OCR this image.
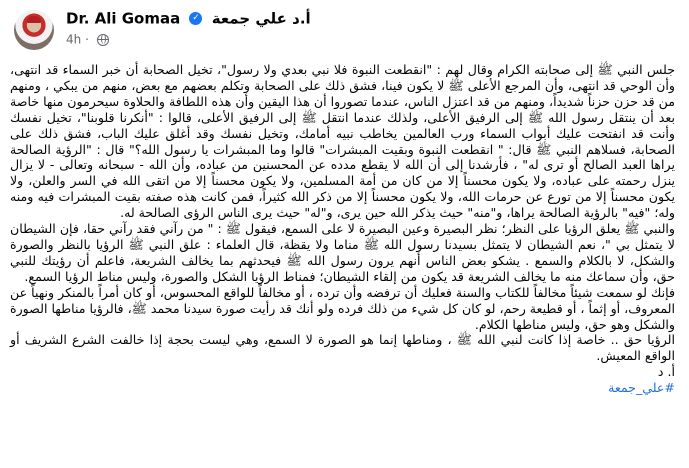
Dr. Ali Gomaa ✓ أ.د علي جمعة
4h ·

جلس النبي ﷺ إلى صحابته الكرام وقال لهم : "انقطعت النبوة فلا نبي بعدي ولا رسول"، تخيل الصحابة أن خبر السماء قد انتهى، وأن الوحي قد انتهى، وأن المرجع الأعلى ﷺ لا يكون فينا، فشق ذلك على الصحابة وتكلم بعضهم مع بعض، منهم من يبكي ، ومنهم من قد حزن حزناً شديداً، ومنهم من قد اعتزل الناس، عندما تصوروا أن هذا اليقين وأن هذه اللطافة والحلاوة سيحرمون منها خاصة بعد أن ينتقل رسول الله ﷺ إلى الرفيق الأعلى، ولذلك عندما انتقل ﷺ إلى الرفيق الأعلى، قالوا : "أنكرنا قلوبنا"، تخيل نفسك وأنت قد انفتحت عليك أبواب السماء ورب العالمين يخاطب نبيه أمامك، وتخيل نفسك وقد أغلق عليك الباب، فشق ذلك على الصحابة، فسلاهم النبي ﷺ قال: " انقطعت النبوة وبقيت المبشرات" قالوا وما المبشرات يا رسول الله؟" قال : "الرؤية الصالحة يراها العبد الصالح أو ترى له" ، فأرشدنا إلى أن الله لا يقطع مدده عن المحسنين من عباده، وأن الله - سبحانه وتعالى - لا يزال ينزل رحمته على عباده، ولا يكون محسناً إلا من كان من أمة المسلمين، ولا يكون محسناً إلا من اتقى الله في السر والعلن، ولا يكون محسناً إلا من تورع عن حرمات الله، ولا يكون محسناً إلا من ذكر الله كثيراً، فمن كانت هذه صفته بقيت المبشرات فيه ومنه وله؛ "فيه" بالرؤية الصالحة يراها، و"منه" حيث يذكر الله حين يرى، و"له" حيث يرى الناس الرؤى الصالحة له.

والنبي ﷺ يعلق الرؤيا على النظر؛ نظر البصيرة وعين البصيرة لا على السمع، فيقول ﷺ : " من رآني فقد رآني حقا، فإن الشيطان لا يتمثل بي "، نعم الشيطان لا يتمثل بسيدنا رسول الله ﷺ مناما ولا يقظة، قال العلماء : علق النبي ﷺ الرؤيا بالنظر والصورة والشكل، لا بالكلام والسمع . يشكو بعض الناس أنهم يرون رسول الله ﷺ فيحدثهم بما يخالف الشريعة، فاعلم أن رؤيتك للنبي حق، وأن سماعك منه ما يخالف الشريعة قد يكون من إلقاء الشيطان؛ فمناط الرؤيا الشكل والصورة، وليس مناط الرؤيا السمع.

فإنك لو سمعت شيئاً مخالفاً للكتاب والسنة فعليك أن ترفضه وأن ترده ، أو مخالفاً للواقع المحسوس، أو كان أمراً بالمنكر ونهياً عن المعروف، أو إثماً ، أو قطيعة رحم، لو كان كل شيء من ذلك فرده ولو أنك قد رأيت صورة سيدنا محمد ﷺ، فالرؤيا مناطها الصورة والشكل وهو حق، وليس مناطها الكلام.

الرؤيا حق .. خاصة إذا كانت لنبي الله ﷺ ، ومناطها إنما هو الصورة لا السمع، وهي ليست بحجة إذا خالفت الشرع الشريف أو الواقع المعيش.

أ. د

#علي_جمعة
